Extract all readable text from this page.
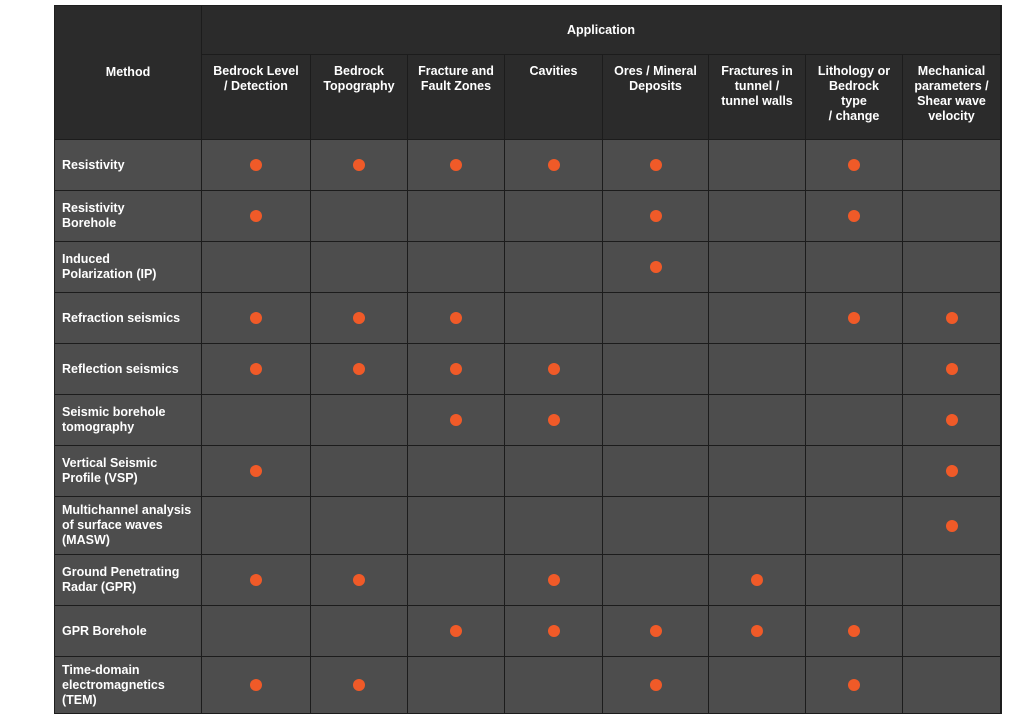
Method
Application
Bedrock Level
/ Detection
Bedrock
Topography
Fracture and
Fault Zones
Cavities	Ores / Mineral
Deposits
Fractures in
tunnel /
tunnel walls
Lithology or
Bedrock
type
/ change
Mechanical
parameters /
Shear wave
velocity
Resistivity
Resistivity
Borehole
Induced
Polarization (IP)
Refraction seismics
Reflection seismics
Seismic borehole
tomography
Vertical Seismic
Profile (VSP)
Multichannel analysis
of surface waves
(MASW)
Ground Penetrating
Radar (GPR)
GPR Borehole
Time-domain
electromagnetics
(TEM)
